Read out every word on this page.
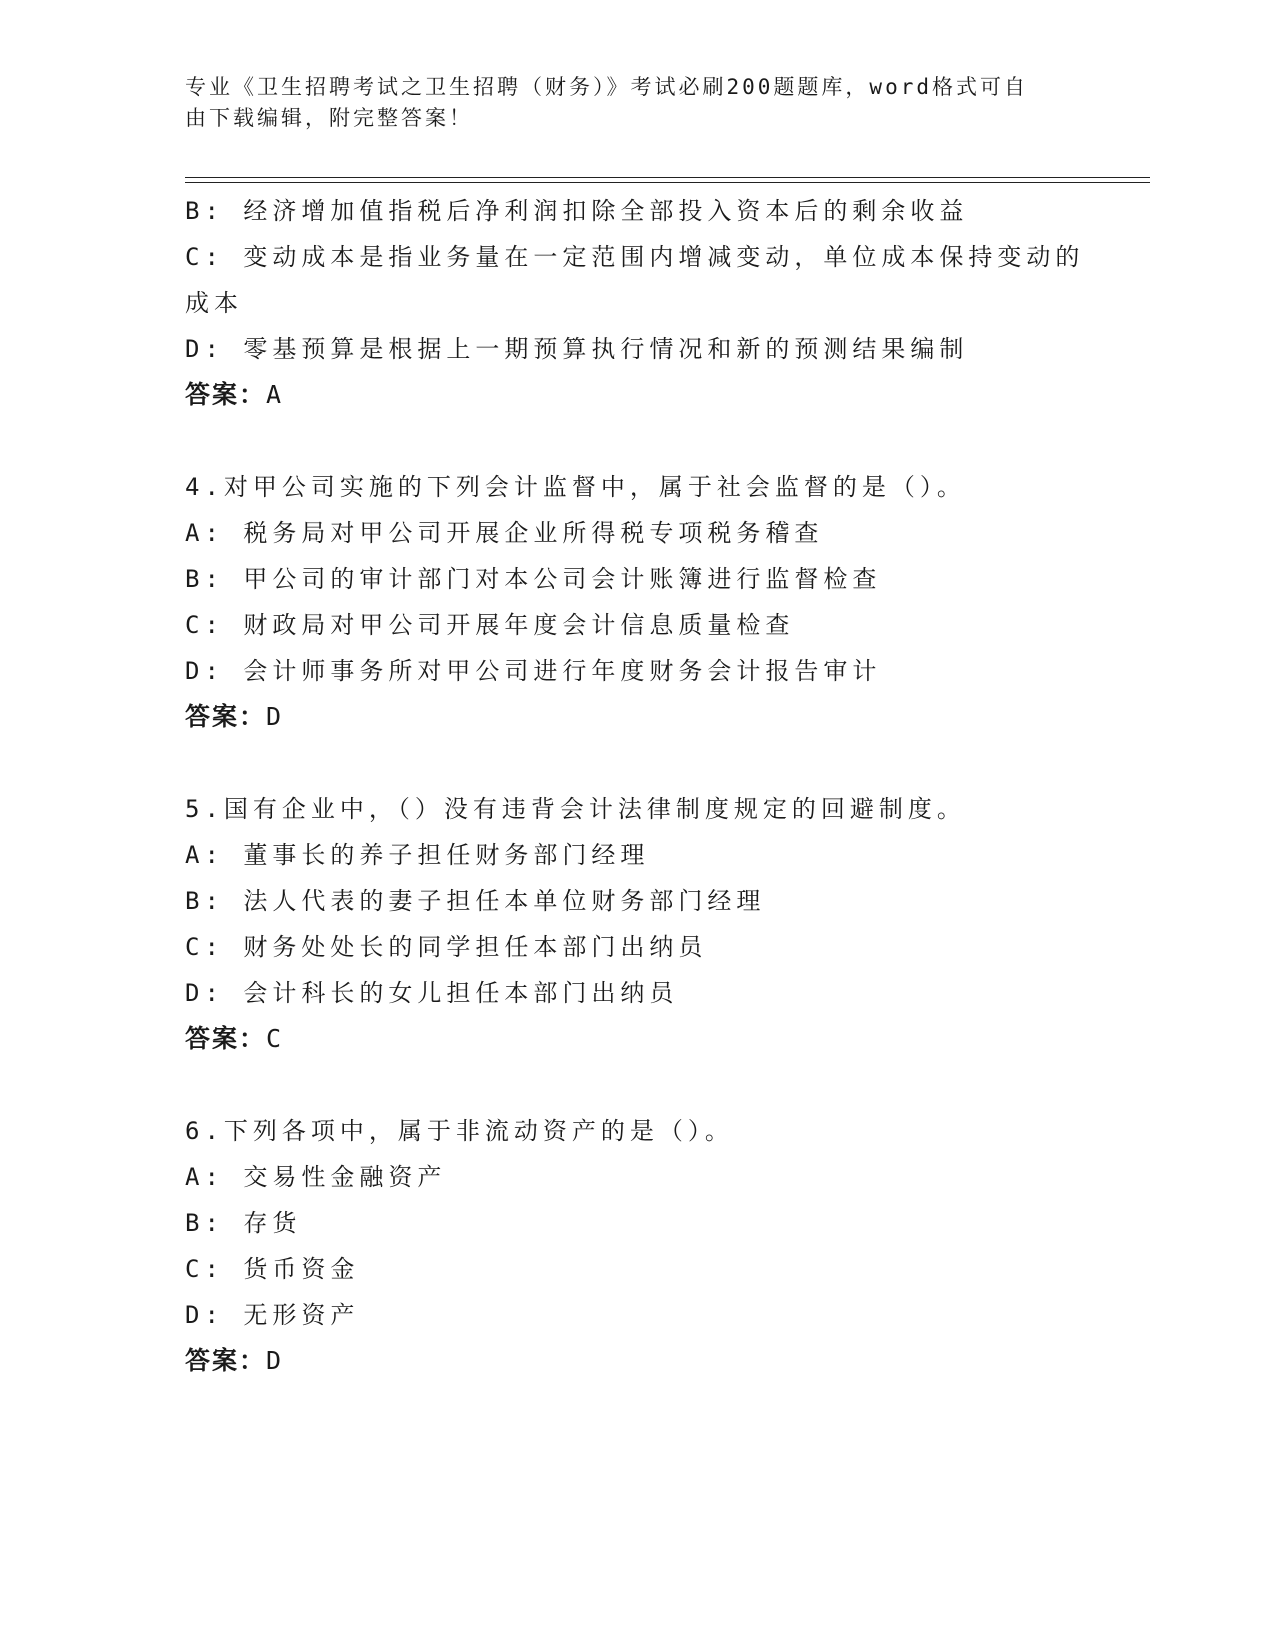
专业《卫生招聘考试之卫生招聘（财务）》考试必刷200题题库，word格式可自
由下载编辑，附完整答案！
B: 经济增加值指税后净利润扣除全部投入资本后的剩余收益
C: 变动成本是指业务量在一定范围内增减变动，单位成本保持变动的
成本
D: 零基预算是根据上一期预算执行情况和新的预测结果编制
答案：A
4.对甲公司实施的下列会计监督中，属于社会监督的是（）。
A: 税务局对甲公司开展企业所得税专项税务稽查
B: 甲公司的审计部门对本公司会计账簿进行监督检查
C: 财政局对甲公司开展年度会计信息质量检查
D: 会计师事务所对甲公司进行年度财务会计报告审计
答案：D
5.国有企业中，（）没有违背会计法律制度规定的回避制度。
A: 董事长的养子担任财务部门经理
B: 法人代表的妻子担任本单位财务部门经理
C: 财务处处长的同学担任本部门出纳员
D: 会计科长的女儿担任本部门出纳员
答案：C
6.下列各项中，属于非流动资产的是（）。
A: 交易性金融资产
B: 存货
C: 货币资金
D: 无形资产
答案：D
